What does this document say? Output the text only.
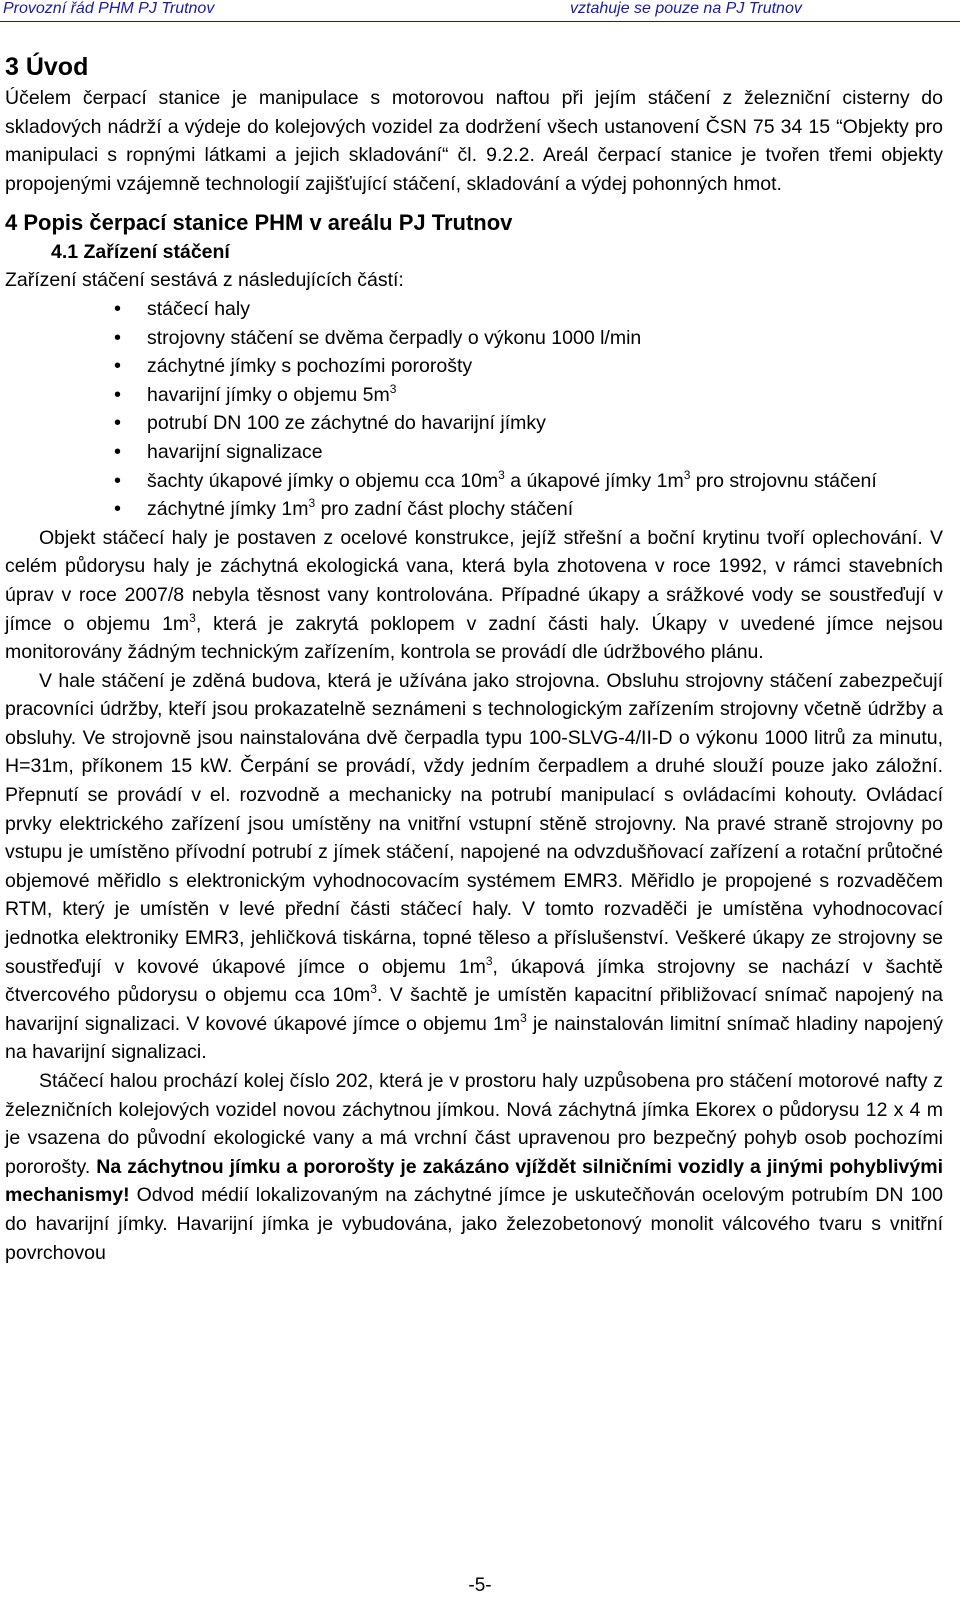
Provozní řád PHM PJ Trutnov	vztahuje se pouze na PJ Trutnov
3 Úvod

Účelem čerpací stanice je manipulace s motorovou naftou při jejím stáčení z železniční cisterny do skladových nádrží a výdeje do kolejových vozidel za dodržení všech ustanovení ČSN 75 34 15 “Objekty pro manipulaci s ropnými látkami a jejich skladování“ čl. 9.2.2. Areál čerpací stanice je tvořen třemi objekty propojenými vzájemně technologií zajišťující stáčení, skladování a výdej pohonných hmot.

4 Popis čerpací stanice PHM v areálu PJ Trutnov
4.1 Zařízení stáčení

Zařízení stáčení sestává z následujících částí:

• stáčecí haly
• strojovny stáčení se dvěma čerpadly o výkonu 1000 l/min
• záchytné jímky s pochozími pororošty
• havarijní jímky o objemu $5m^3$
• potrubí DN 100 ze záchytné do havarijní jímky
• havarijní signalizace
• šachty úkapové jímky o objemu cca $10m^3$ a úkapové jímky $1m^3$ pro strojovnu stáčení
• záchytné jímky $1m^3$ pro zadní část plochy stáčení

Objekt stáčecí haly je postaven z ocelové konstrukce, jejíž střešní a boční krytinu tvoří oplechování. V celém půdorysu haly je záchytná ekologická vana, která byla zhotovena v roce 1992, v rámci stavebních úprav v roce 2007/8 nebyla těsnost vany kontrolována. Případné úkapy a srážkové vody se soustřeďují v jímce o objemu $1m^3$, která je zakrytá poklopem v zadní části haly. Úkapy v uvedené jímce nejsou monitorovány žádným technickým zařízením, kontrola se provádí dle údržbového plánu.

V hale stáčení je zděná budova, která je užívána jako strojovna. Obsluhu strojovny stáčení zabezpečují pracovníci údržby, kteří jsou prokazatelně seznámeni s technologickým zařízením strojovny včetně údržby a obsluhy. Ve strojovně jsou nainstalována dvě čerpadla typu 100-SLVG-4/II-D o výkonu 1000 litrů za minutu, H=31m, příkonem 15 kW. Čerpání se provádí, vždy jedním čerpadlem a druhé slouží pouze jako záložní. Přepnutí se provádí v el. rozvodně a mechanicky na potrubí manipulací s ovládacími kohouty. Ovládací prvky elektrického zařízení jsou umístěny na vnitřní vstupní stěně strojovny. Na pravé straně strojovny po vstupu je umístěno přívodní potrubí z jímek stáčení, napojené na odvzdušňovací zařízení a rotační průtočné objemové měřidlo s elektronickým vyhodnocovacím systémem EMR3. Měřidlo je propojené s rozvaděčem RTM, který je umístěn v levé přední části stáčecí haly. V tomto rozvaděči je umístěna vyhodnocovací jednotka elektroniky EMR3, jehličková tiskárna, topné těleso a příslušenství. Veškeré úkapy ze strojovny se soustřeďují v kovové úkapové jímce o objemu $1m^3$, úkapová jímka strojovny se nachází v šachtě čtvercového půdorysu o objemu cca $10m^3$. V šachtě je umístěn kapacitní přibližovací snímač napojený na havarijní signalizaci. V kovové úkapové jímce o objemu $1m^3$ je nainstalován limitní snímač hladiny napojený na havarijní signalizaci.

Stáčecí halou prochází kolej číslo 202, která je v prostoru haly uzpůsobena pro stáčení motorové nafty z železničních kolejových vozidel novou záchytnou jímkou. Nová záchytná jímka Ekorex o půdorysu 12 x 4 m je vsazena do původní ekologické vany a má vrchní část upravenou pro bezpečný pohyb osob pochozími pororošty. Na záchytnou jímku a pororošty je zakázáno vjíždět silničními vozidly a jinými pohyblivými mechanismy! Odvod médií lokalizovaným na záchytné jímce je uskutečňován ocelovým potrubím DN 100 do havarijní jímky. Havarijní jímka je vybudována, jako železobetonový monolit válcového tvaru s vnitřní povrchovou

-5-
